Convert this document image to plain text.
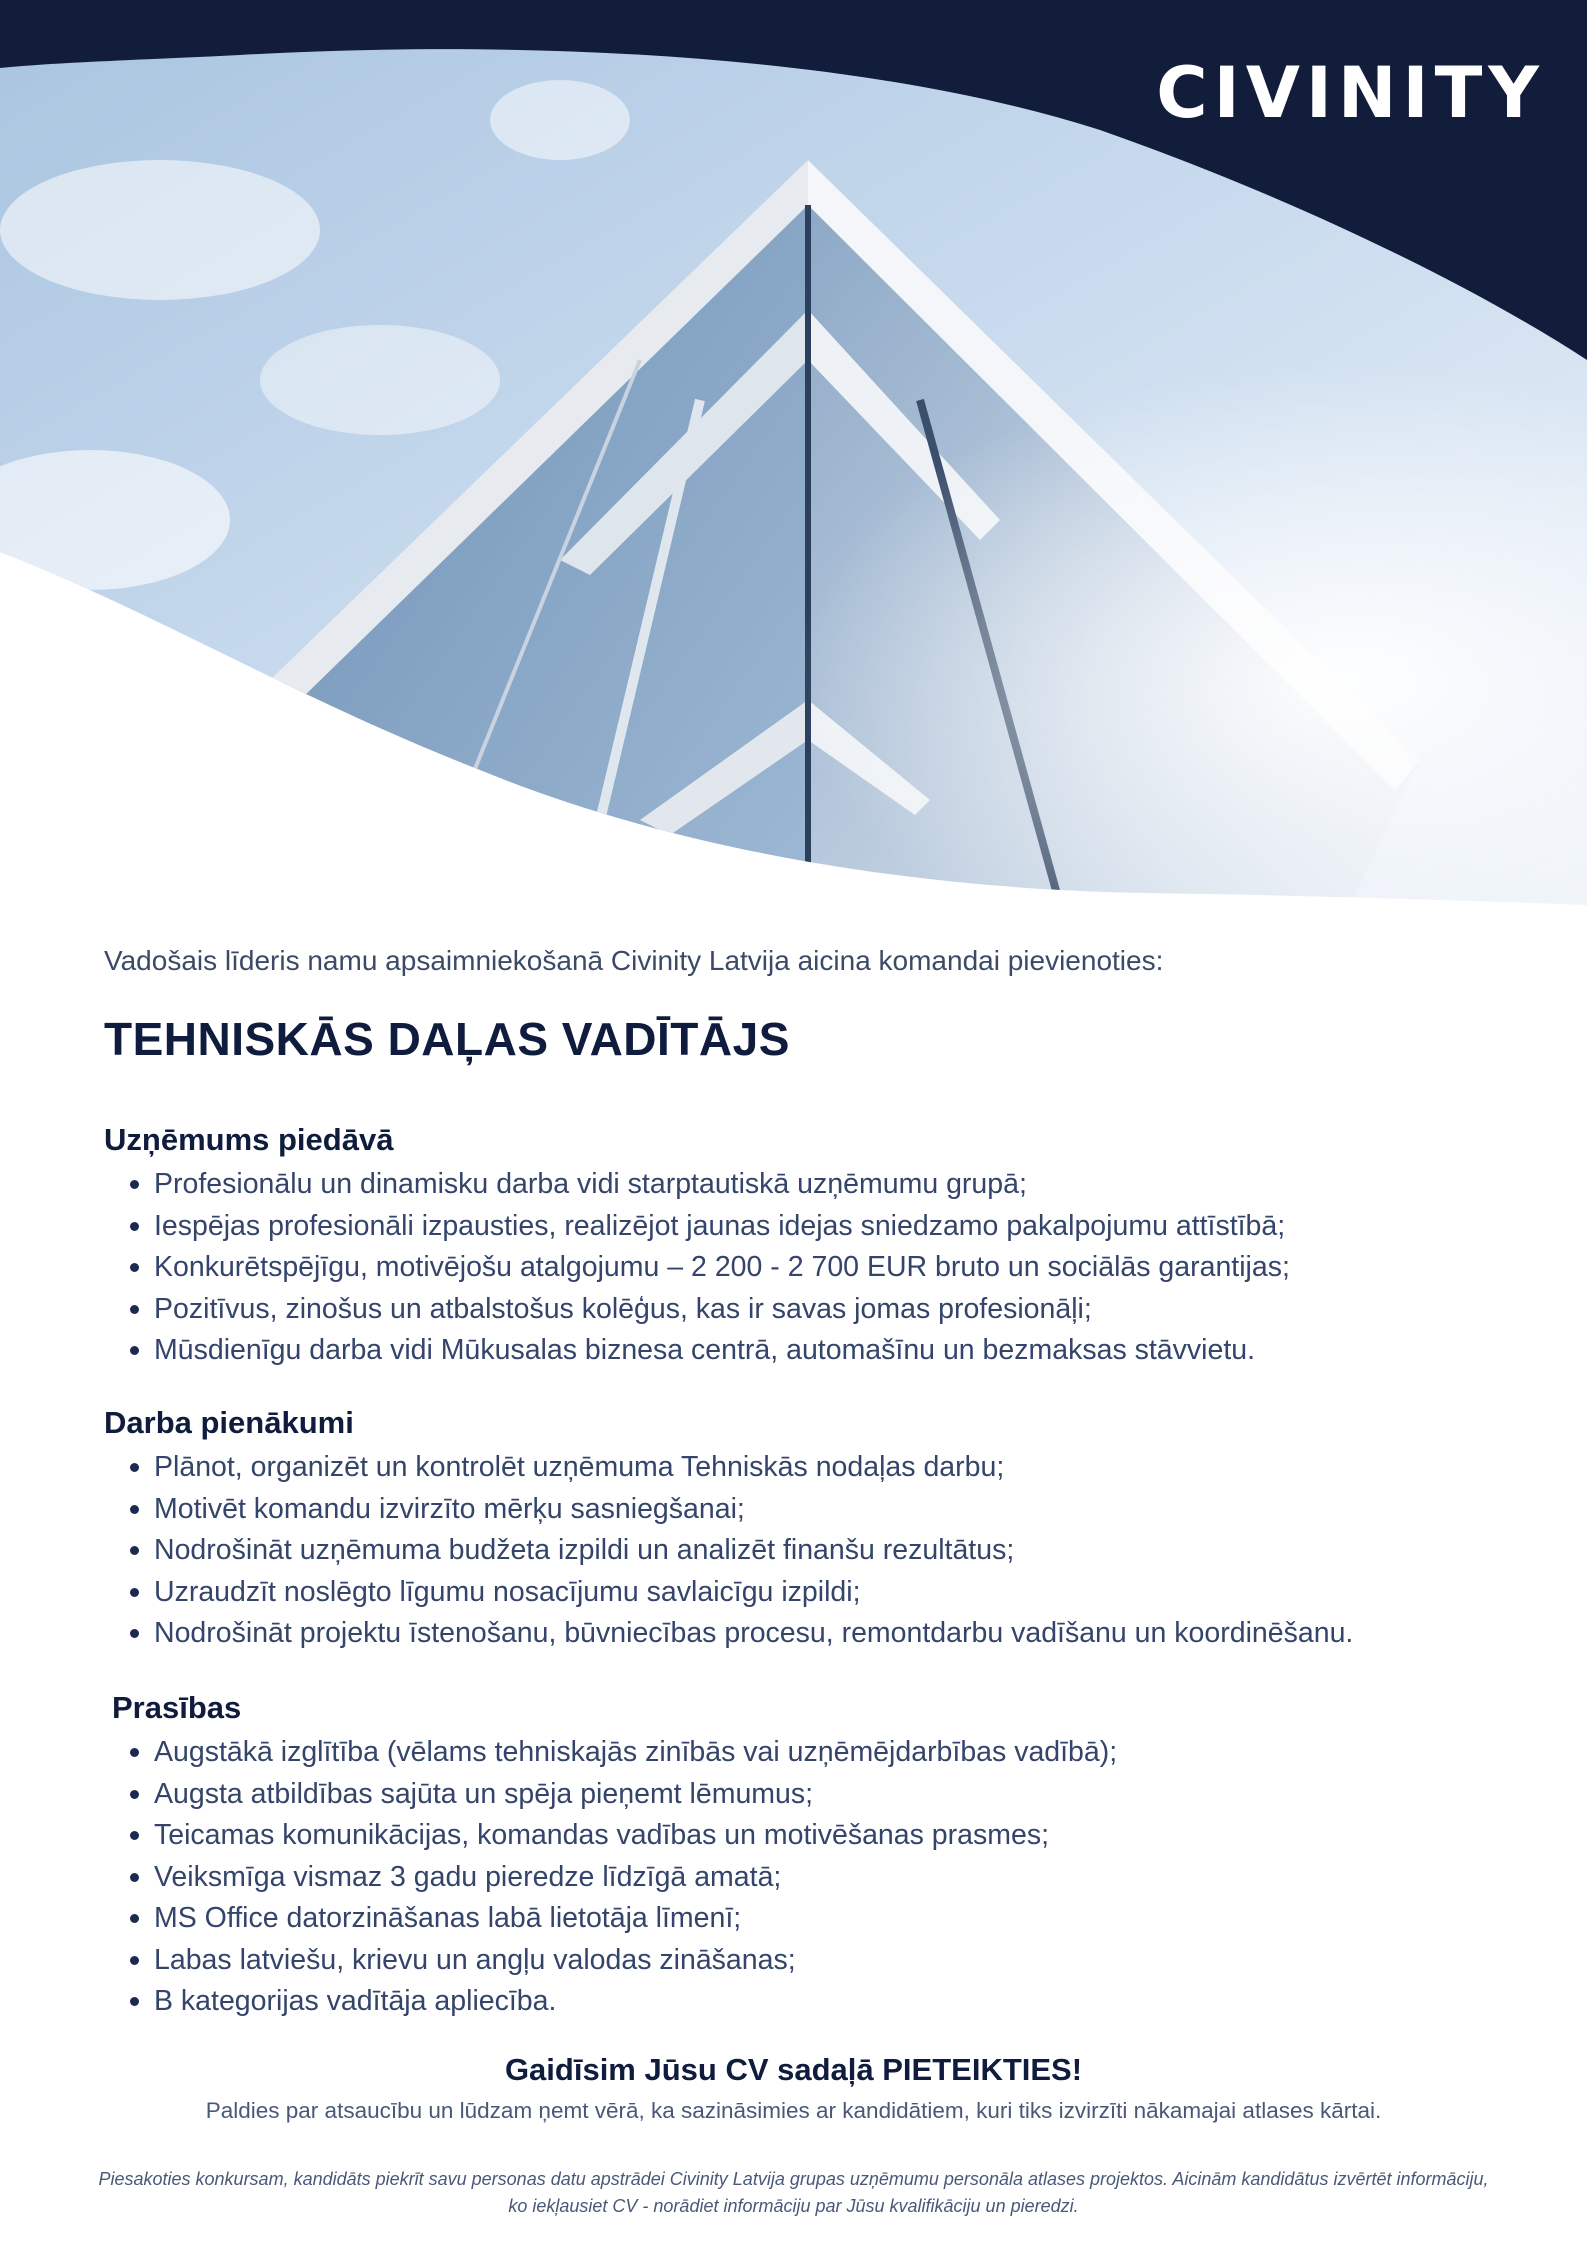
CIVINITY
Vadošais līderis namu apsaimniekošanā Civinity Latvija aicina komandai pievienoties:
TEHNISKĀS DAĻAS VADĪTĀJS
Uzņēmums piedāvā
Profesionālu un dinamisku darba vidi starptautiskā uzņēmumu grupā;
Iespējas profesionāli izpausties, realizējot jaunas idejas sniedzamo pakalpojumu attīstībā;
Konkurētspējīgu, motivējošu atalgojumu – 2 200 - 2 700 EUR bruto un sociālās garantijas;
Pozitīvus, zinošus un atbalstošus kolēģus, kas ir savas jomas profesionāļi;
Mūsdienīgu darba vidi Mūkusalas biznesa centrā, automašīnu un bezmaksas stāvvietu.
Darba pienākumi
Plānot, organizēt un kontrolēt uzņēmuma Tehniskās nodaļas darbu;
Motivēt komandu izvirzīto mērķu sasniegšanai;
Nodrošināt uzņēmuma budžeta izpildi un analizēt finanšu rezultātus;
Uzraudzīt noslēgto līgumu nosacījumu savlaicīgu izpildi;
Nodrošināt projektu īstenošanu, būvniecības procesu, remontdarbu vadīšanu un koordinēšanu.
Prasības
Augstākā izglītība (vēlams tehniskajās zinībās vai uzņēmējdarbības vadībā);
Augsta atbildības sajūta un spēja pieņemt lēmumus;
Teicamas komunikācijas, komandas vadības un motivēšanas prasmes;
Veiksmīga vismaz 3 gadu pieredze līdzīgā amatā;
MS Office datorzināšanas labā lietotāja līmenī;
Labas latviešu, krievu un angļu valodas zināšanas;
B kategorijas vadītāja apliecība.
Gaidīsim Jūsu CV sadaļā PIETEIKTIES!
Paldies par atsaucību un lūdzam ņemt vērā, ka sazināsimies ar kandidātiem, kuri tiks izvirzīti nākamajai atlases kārtai.
Piesakoties konkursam, kandidāts piekrīt savu personas datu apstrādei Civinity Latvija grupas uzņēmumu personāla atlases projektos. Aicinām kandidātus izvērtēt informāciju, ko iekļausiet CV - norādiet informāciju par Jūsu kvalifikāciju un pieredzi.
